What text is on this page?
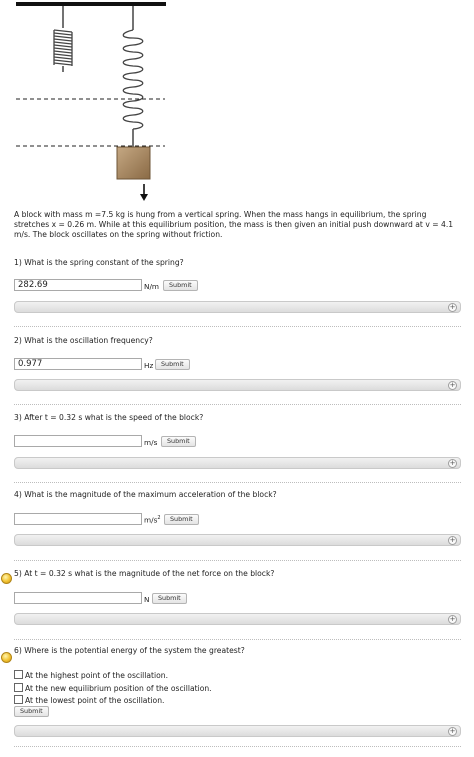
A block with mass m =7.5 kg is hung from a vertical spring. When the mass hangs in equilibrium, the spring stretches x = 0.26 m. While at this equilibrium position, the mass is then given an initial push downward at v = 4.1 m/s. The block oscillates on the spring without friction.
1) What is the spring constant of the spring?
282.69
N/m	Submit
+
2) What is the oscillation frequency?
0.977
Hz	Submit
+
3) After t = 0.32 s what is the speed of the block?
m/s	Submit
+
4) What is the magnitude of the maximum acceleration of the block?
$m/s^2$	Submit
+
5) At t = 0.32 s what is the magnitude of the net force on the block?
N	Submit
+
6) Where is the potential energy of the system the greatest?
At the highest point of the oscillation.
At the new equilibrium position of the oscillation.
At the lowest point of the oscillation.
Submit
+
